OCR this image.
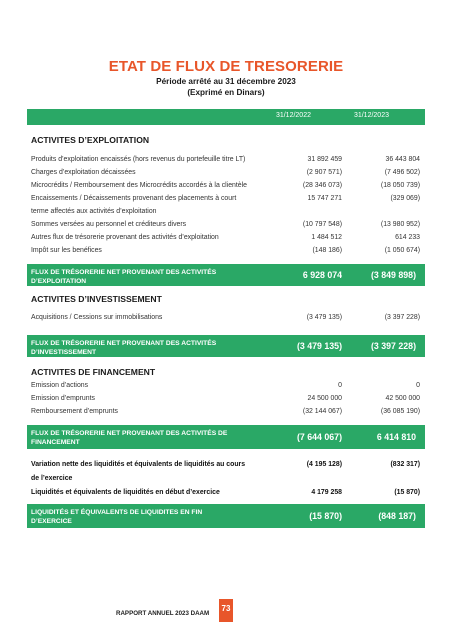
ETAT DE FLUX DE TRESORERIE
Période arrêté au 31 décembre 2023
(Exprimé en Dinars)
31/12/2022	31/12/2023
ACTIVITES D’EXPLOITATION
Produits d’exploitation encaissés (hors revenus du portefeuille titre LT)	31 892 459	36 443 804
Charges d’exploitation décaissées	(2 907 571)	(7 496 502)
Microcrédits / Remboursement des Microcrédits accordés à la clientèle	(28 346 073)	(18 050 739)
Encaissements / Décaissements provenant des placements à court	15 747 271	(329 069)
terme affectés aux activités d’exploitation
Sommes versées au personnel et créditeurs divers	(10 797 548)	(13 980 952)
Autres flux de trésorerie provenant des activités d’exploitation	1 484 512	614 233
Impôt sur les benéfices	(148 186)	(1 050 674)
FLUX DE TRÉSORERIE NET PROVENANT DES ACTIVITÉS
D’EXPLOITATION
6 928 074	(3 849 898)
ACTIVITES D’INVESTISSEMENT
Acquisitions / Cessions sur immobilisations	(3 479 135)	(3 397 228)
FLUX DE TRÉSORERIE NET PROVENANT DES ACTIVITÉS
D’INVESTISSEMENT
(3 479 135)	(3 397 228)
ACTIVITES DE FINANCEMENT
Emission d’actions	0	0
Emission d’emprunts	24 500 000	42 500 000
Remboursement d’emprunts	(32 144 067)	(36 085 190)
FLUX DE TRÉSORERIE NET PROVENANT DES ACTIVITÉS DE
FINANCEMENT
(7 644 067)	6 414 810
Variation nette des liquidités et équivalents de liquidités au cours	(4 195 128)	(832 317)
de l’exercice
Liquidités et équivalents de liquidités en début d’exercice	4 179 258	(15 870)
LIQUIDITÉS ET ÉQUIVALENTS DE LIQUIDITES EN FIN
D’EXERCICE
(15 870)	(848 187)
RAPPORT ANNUEL 2023 DAAM
73
